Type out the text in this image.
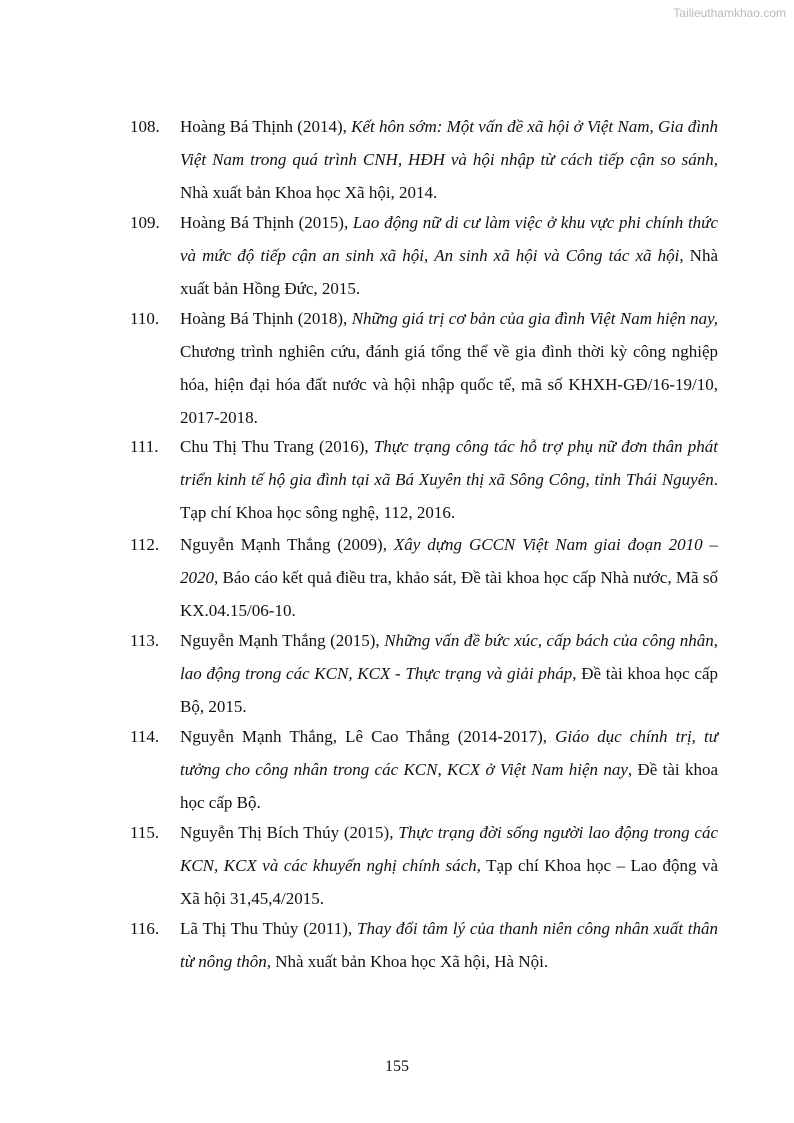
Tailieuthamkhao.com
108. Hoàng Bá Thịnh (2014), Kết hôn sớm: Một vấn đề xã hội ở Việt Nam, Gia đình Việt Nam trong quá trình CNH, HĐH và hội nhập từ cách tiếp cận so sánh, Nhà xuất bản Khoa học Xã hội, 2014.
109. Hoàng Bá Thịnh (2015), Lao động nữ di cư làm việc ở khu vực phi chính thức và mức độ tiếp cận an sinh xã hội, An sinh xã hội và Công tác xã hội, Nhà xuất bản Hồng Đức, 2015.
110. Hoàng Bá Thịnh (2018), Những giá trị cơ bản của gia đình Việt Nam hiện nay, Chương trình nghiên cứu, đánh giá tổng thể về gia đình thời kỳ công nghiệp hóa, hiện đại hóa đất nước và hội nhập quốc tế, mã số KHXH-GĐ/16-19/10, 2017-2018.
111. Chu Thị Thu Trang (2016), Thực trạng công tác hỗ trợ phụ nữ đơn thân phát triển kinh tế hộ gia đình tại xã Bá Xuyên thị xã Sông Công, tỉnh Thái Nguyên. Tạp chí Khoa học sông nghệ, 112, 2016.
112. Nguyễn Mạnh Thắng (2009), Xây dựng GCCN Việt Nam giai đoạn 2010 – 2020, Báo cáo kết quả điều tra, khảo sát, Đề tài khoa học cấp Nhà nước, Mã số KX.04.15/06-10.
113. Nguyễn Mạnh Thắng (2015), Những vấn đề bức xúc, cấp bách của công nhân, lao động trong các KCN, KCX - Thực trạng và giải pháp, Đề tài khoa học cấp Bộ, 2015.
114. Nguyễn Mạnh Thắng, Lê Cao Thắng (2014-2017), Giáo dục chính trị, tư tưởng cho công nhân trong các KCN, KCX ở Việt Nam hiện nay, Đề tài khoa học cấp Bộ.
115. Nguyễn Thị Bích Thúy (2015), Thực trạng đời sống người lao động trong các KCN, KCX và các khuyến nghị chính sách, Tạp chí Khoa học – Lao động và Xã hội 31,45,4/2015.
116. Lã Thị Thu Thủy (2011), Thay đổi tâm lý của thanh niên công nhân xuất thân từ nông thôn, Nhà xuất bản Khoa học Xã hội, Hà Nội.
155
